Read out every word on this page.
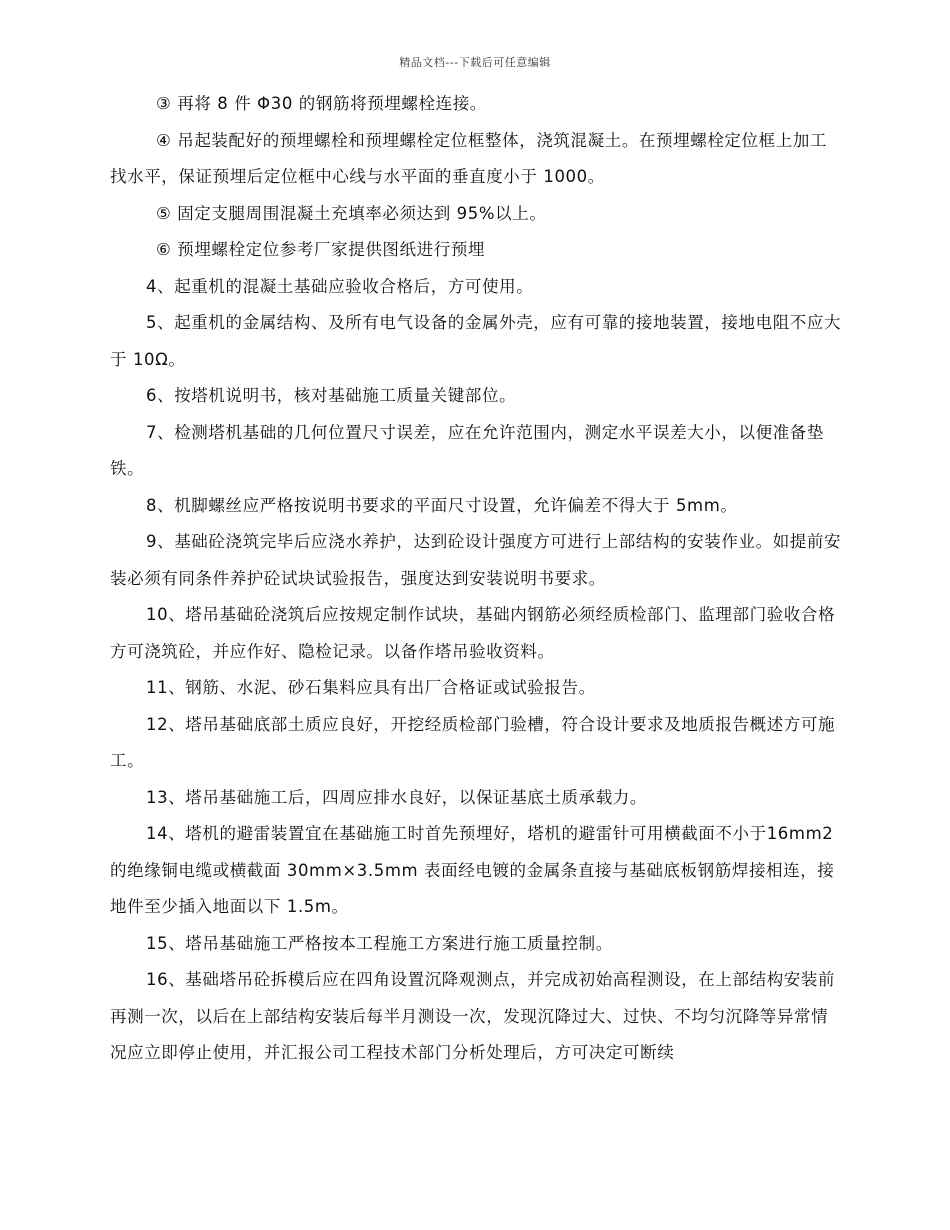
精品文档---下载后可任意编辑

③ 再将 8 件 Φ30 的钢筋将预埋螺栓连接。

④ 吊起装配好的预埋螺栓和预埋螺栓定位框整体，浇筑混凝土。在预埋螺栓定位框上加工找水平，保证预埋后定位框中心线与水平面的垂直度小于 1000。

⑤ 固定支腿周围混凝土充填率必须达到 95%以上。

⑥ 预埋螺栓定位参考厂家提供图纸进行预埋

4、起重机的混凝土基础应验收合格后，方可使用。

5、起重机的金属结构、及所有电气设备的金属外壳，应有可靠的接地装置，接地电阻不应大于 10Ω。

6、按塔机说明书，核对基础施工质量关键部位。

7、检测塔机基础的几何位置尺寸误差，应在允许范围内，测定水平误差大小，以便准备垫铁。

8、机脚螺丝应严格按说明书要求的平面尺寸设置，允许偏差不得大于 5mm。

9、基础砼浇筑完毕后应浇水养护，达到砼设计强度方可进行上部结构的安装作业。如提前安装必须有同条件养护砼试块试验报告，强度达到安装说明书要求。

10、塔吊基础砼浇筑后应按规定制作试块，基础内钢筋必须经质检部门、监理部门验收合格方可浇筑砼，并应作好、隐检记录。以备作塔吊验收资料。

11、钢筋、水泥、砂石集料应具有出厂合格证或试验报告。

12、塔吊基础底部土质应良好，开挖经质检部门验槽，符合设计要求及地质报告概述方可施工。

13、塔吊基础施工后，四周应排水良好，以保证基底土质承载力。

14、塔机的避雷装置宜在基础施工时首先预埋好，塔机的避雷针可用横截面不小于16mm2 的绝缘铜电缆或横截面 30mm×3.5mm 表面经电镀的金属条直接与基础底板钢筋焊接相连，接地件至少插入地面以下 1.5m。

15、塔吊基础施工严格按本工程施工方案进行施工质量控制。

16、基础塔吊砼拆模后应在四角设置沉降观测点，并完成初始高程测设，在上部结构安装前再测一次，以后在上部结构安装后每半月测设一次，发现沉降过大、过快、不均匀沉降等异常情况应立即停止使用，并汇报公司工程技术部门分析处理后，方可决定可断续
